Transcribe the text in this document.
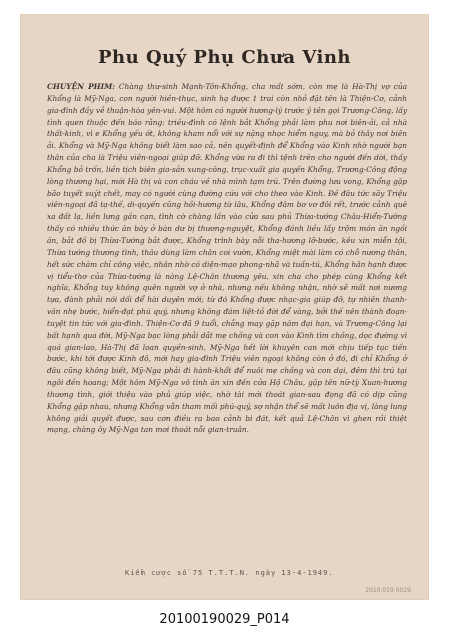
Phu Quý Phụ Chưa Vinh

CHUYỆN PHIM: Chàng thư-sinh Mạnh-Tôn-Khổng, cha mất sớm, còn mẹ là Hà-Thị vợ của Khổng là Mỹ-Nga, con người hiền-thục, sinh hạ được 1 trai còn nhỏ đặt tên là Thiện-Cơ, cảnh gia-đình đầy vẻ thuận-hòa yên-vui. Một hôm có người hương-lý trước ý tên gọi Trương-Công, lấy tình quen thuộc đến báo rằng: triều-đình có lệnh bắt Khổng phải làm phu nơi biên-ải, cả nhà thất-kinh, vì e Khổng yếu ớt, không kham nổi với sự nặng nhọc hiểm nguy, mà bỏ thây nơi biên ải. Khổng và Mỹ-Nga không biết làm sao cả, nên quyết-định để Khổng vào Kinh nhờ người bạn thân của cha là Triệu viên-ngoại giúp đỡ. Khổng vừa ra đi thì tệnh trên cho người đến dời, thấy Khổng bỏ trốn, liền tịch biên gia-sản xung-công, trục-xuất gia quyến Khổng, Trương-Công động lòng thương hại, mới Hà thị và con cháu về nhà mình tạm trú. Trên đường lưu vong, Khổng gặp bão tuyết suýt chết, may có người cùng đường cứu với cho theo vào Kinh. Đề đâu tức sãy Triệu viên-ngoại đã tạ-thế, di-quyến cũng hồi-hương từ lâu, Khổng đâm bơ vơ đôi rết, trước cảnh quê xa đất lạ, liền lưng gần cạn, tình cờ chàng lần vào cửa sau phủ Thừa-tướng Châu-Hiển-Tường thấy có nhiều thức ăn bày ở bàn dư bị thương-nguyệt, Khổng đánh liều lấy trộm món ăn ngồi ăn, bắt đồ bị Thừa-Tướng bắt được, Khổng trình bày nỗi tha-hương lỡ-bước, kêu xin miễn tội, Thừa tướng thương tình, thâu dùng làm chân coi vườn, Khổng miệt mài làm có chỗ nương thân, hết sức chăm chỉ công việc, nhân nhờ có diện-mạo phong-nhã và tuấn-tú, Khổng hân hạnh được vị tiểu-thơ của Thừa-tướng là nàng Lệ-Chân thương yêu, xin cha cho phép cùng Khổng kết nghĩa, Khổng tuy không quên người vợ ở nhà, nhưng nếu không nhận, nhờ sẽ mất nơi nương tựa, đành phải nói dối để hài duyên mới; từ đó Khổng được nhạc-gia giúp đỡ, tự nhiên thanh-vân nhẹ bước, hiển-đạt phú quý, nhưng không đám liệt-tỏ đời để vàng, bởi thế nên thành đoạn-tuyệt tin tức với gia-đình. Thiện-Cơ đã 9 tuổi, chẳng may gặp năm đại hạn, và Trương-Công lại bất hạnh qua đời, Mỹ-Nga bạc lòng phải dắt mẹ chồng và con vào Kinh tìm chồng, dọc đường vì quá gian-lao, Hà-Thị đã loan quyền-sinh, Mỹ-Nga hết lời khuyên can mới chịu tiếp tục tiến bước, khi tới được Kinh đô, mới hay gia-đình Triệu viên ngoại không còn ở đó, đi chỉ Khổng ở đâu cũng không biết, Mỹ-Nga phải đi hành-khất để nuôi mẹ chồng và con dại, đêm thì trú tại ngôi đền hoang; Một hôm Mỹ-Nga vô tình ăn xin đến cửa Hộ Châu, gặp tên nữ-tỳ Xuan-hương thương tình, giới thiệu vào phủ giúp việc, nhờ tài mới thoát gian-sau đọng đã có dịp cũng Khổng gặp nhau, nhưng Khổng vẫn tham mối phú-quý, sợ nhận thể sẽ mất luôn địa vị, làng lung không giải quyết được, sau cơn điều ra bao cảnh bi đát, kết quả Lệ-Chân vì ghen rồi thiệt mạng, chàng ôy Mỹ-Nga tan mơi thoát nỗi gian-truân.

Kiểm cược số 75 T.T.T.N. ngày 13-4-1949.
2010.019.0029
20100190029_P014
